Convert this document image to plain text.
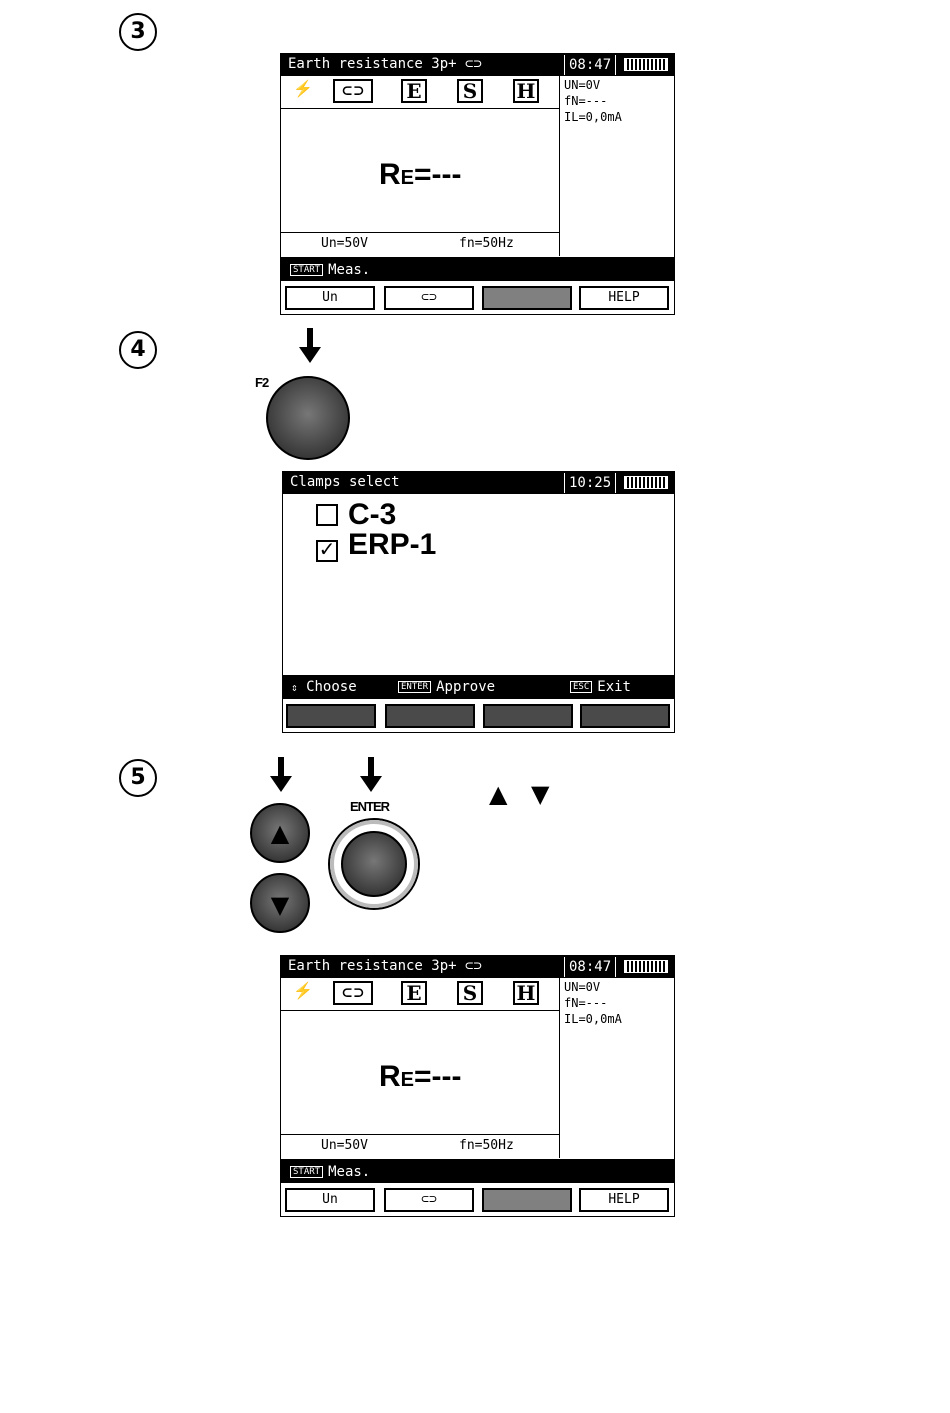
3
4
5
Earth resistance 3p+ ⊂⊃	08:47
⚡	⊂⊃	E S H
RE=---
Un=50V	fn=50Hz
UN=0V
fN=---
IL=0,0mA
START Meas.
Un	⊂⊃	HELP
F2
Clamps select	10:25
C-3
✓ ERP-1
⇕ Choose	ENTER Approve	ESC Exit
▲
▼
ENTER	▲ ▼
Earth resistance 3p+ ⊂⊃	08:47
⚡	⊂⊃	E S H
RE=---
Un=50V	fn=50Hz
UN=0V
fN=---
IL=0,0mA
START Meas.
Un	⊂⊃	HELP
